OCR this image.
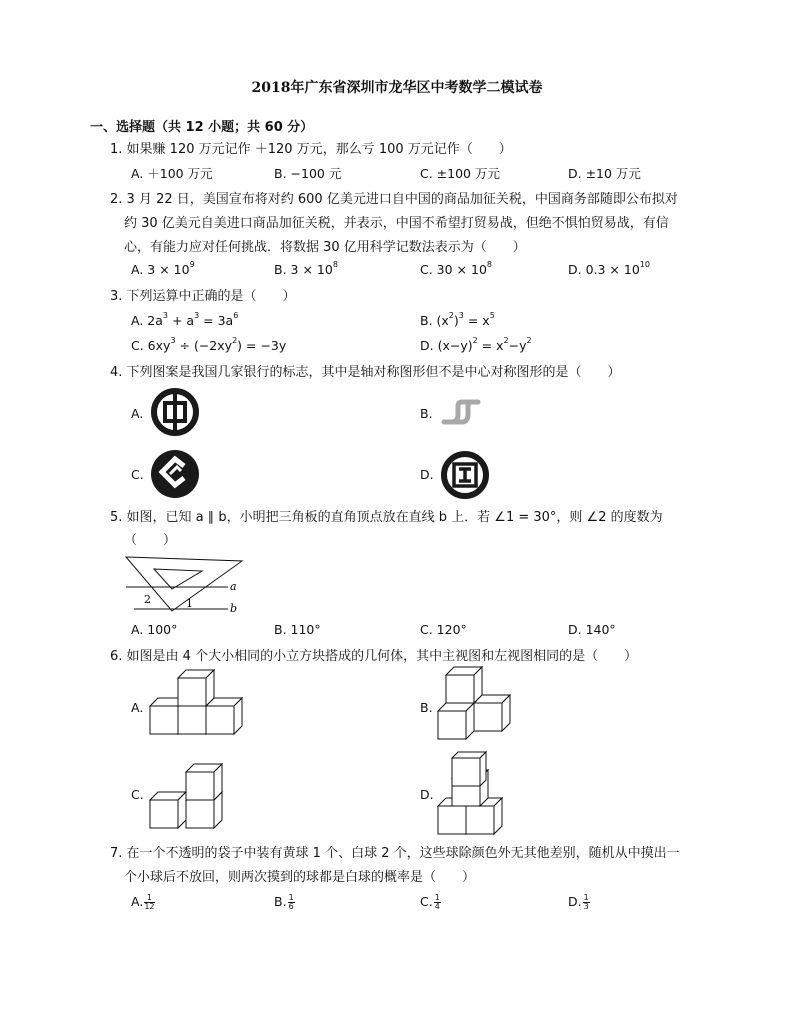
2018年广东省深圳市龙华区中考数学二模试卷
一、选择题（共 12 小题；共 60 分）
1. 如果赚 120 万元记作 ＋120 万元，那么亏 100 万元记作（　　）
A. ＋100 万元	B. −100 元	C. ±100 万元	D. ±10 万元
2. 3 月 22 日，美国宣布将对约 600 亿美元进口自中国的商品加征关税，中国商务部随即公布拟对
约 30 亿美元自美进口商品加征关税，并表示，中国不希望打贸易战，但绝不惧怕贸易战，有信
心，有能力应对任何挑战．将数据 30 亿用科学记数法表示为（　　）
A. $3 \times 10^9$	B. $3 \times 10^8$	C. $30 \times 10^8$	D. $0.3 \times 10^{10}$
3. 下列运算中正确的是（　　）
A. $2a^3 + a^3 = 3a^6$	B. $(x^2)^3 = x^5$
C. $6xy^3 \div (-2xy^2) = -3y$	D. $(x-y)^2 = x^2-y^2$
4. 下列图案是我国几家银行的标志，其中是轴对称图形但不是中心对称图形的是（　　）
A.	B.
C.	D.
5. 如图，已知 a ∥ b，小明把三角板的直角顶点放在直线 b 上．若 ∠1 = 30°，则 ∠2 的度数为
（　　）
a
b
1
2
A. 100°	B. 110°	C. 120°	D. 140°
6. 如图是由 4 个大小相同的小立方块搭成的几何体，其中主视图和左视图相同的是（　　）
A.	B.
C.	D.
7. 在一个不透明的袋子中装有黄球 1 个、白球 2 个，这些球除颜色外无其他差别，随机从中摸出一
个小球后不放回，则两次摸到的球都是白球的概率是（　　）
A. $\frac{1}{12}$	B. $\frac{1}{6}$	C. $\frac{1}{4}$	D. $\frac{1}{3}$
